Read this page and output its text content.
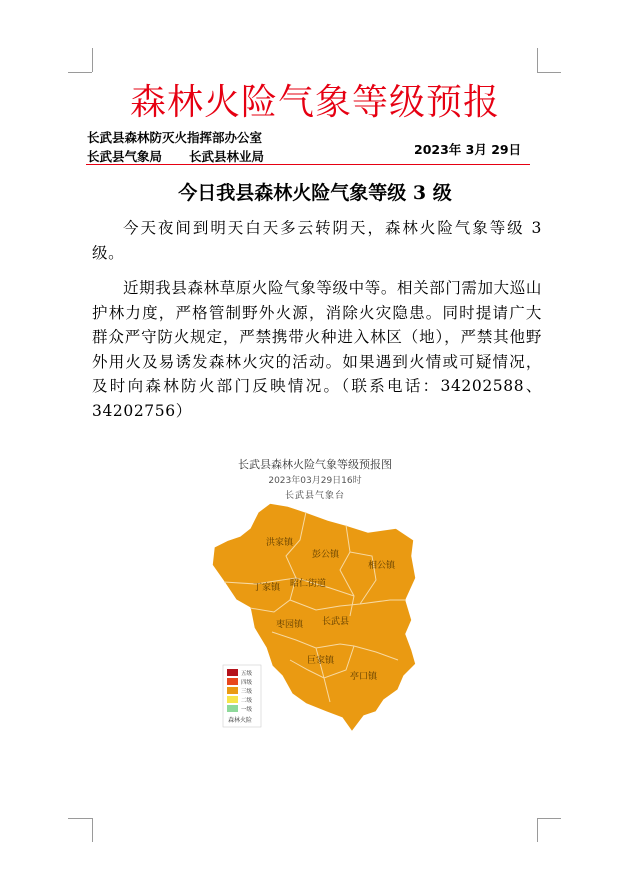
森林火险气象等级预报
长武县森林防灭火指挥部办公室
长武县气象局 长武县林业局	2023年 3月 29日
今日我县森林火险气象等级 3 级

今天夜间到明天白天多云转阴天，森林火险气象等级 3 级。

近期我县森林草原火险气象等级中等。相关部门需加大巡山护林力度，严格管制野外火源，消除火灾隐患。同时提请广大群众严守防火规定，严禁携带火种进入林区（地），严禁其他野外用火及易诱发森林火灾的活动。如果遇到火情或可疑情况，及时向森林防火部门反映情况。（联系电话：34202588、34202756）

长武县森林火险气象等级预报图
2023年03月29日16时
长武县气象台
洪家镇
彭公镇
相公镇
丁家镇 昭仁街道
枣园镇 长武县
巨家镇
亭口镇
五级
四级
三级
二级
一级
森林火险
